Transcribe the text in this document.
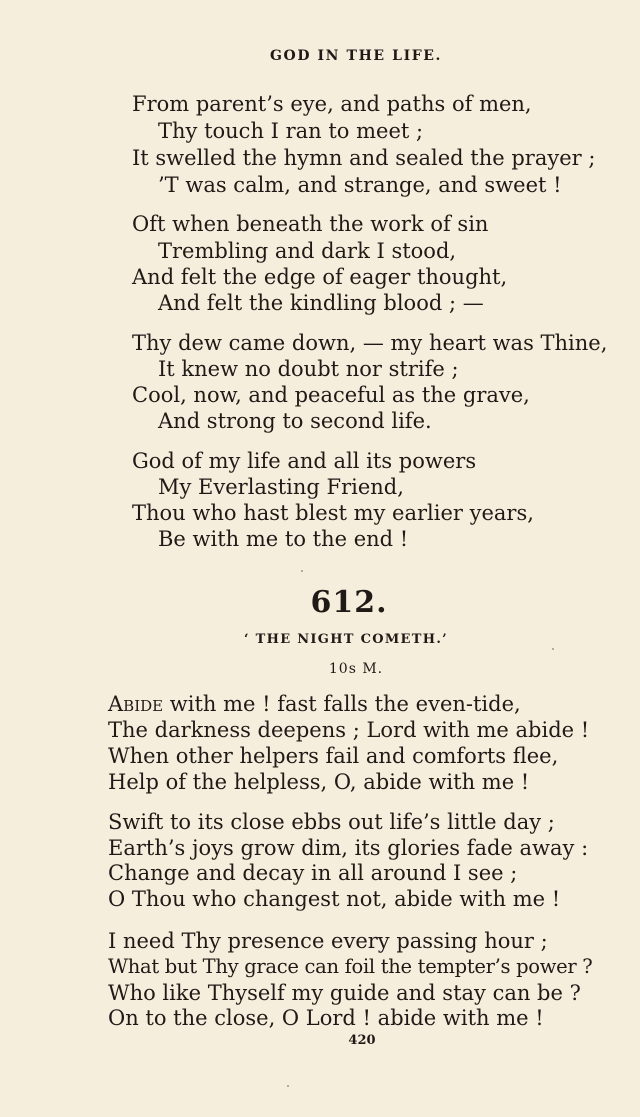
GOD IN THE LIFE.
From parent’s eye, and paths of men,
Thy touch I ran to meet ;
It swelled the hymn and sealed the prayer ;
’T was calm, and strange, and sweet !
Oft when beneath the work of sin
Trembling and dark I stood,
And felt the edge of eager thought,
And felt the kindling blood ; —
Thy dew came down, — my heart was Thine,
It knew no doubt nor strife ;
Cool, now, and peaceful as the grave,
And strong to second life.
God of my life and all its powers
My Everlasting Friend,
Thou who hast blest my earlier years,
Be with me to the end !
612.
‘ THE NIGHT COMETH.’
10s M.
Abide with me ! fast falls the even-tide,
The darkness deepens ; Lord with me abide !
When other helpers fail and comforts flee,
Help of the helpless, O, abide with me !
Swift to its close ebbs out life’s little day ;
Earth’s joys grow dim, its glories fade away :
Change and decay in all around I see ;
O Thou who changest not, abide with me !
I need Thy presence every passing hour ;
What but Thy grace can foil the tempter’s power ?
Who like Thyself my guide and stay can be ?
On to the close, O Lord ! abide with me !
420
